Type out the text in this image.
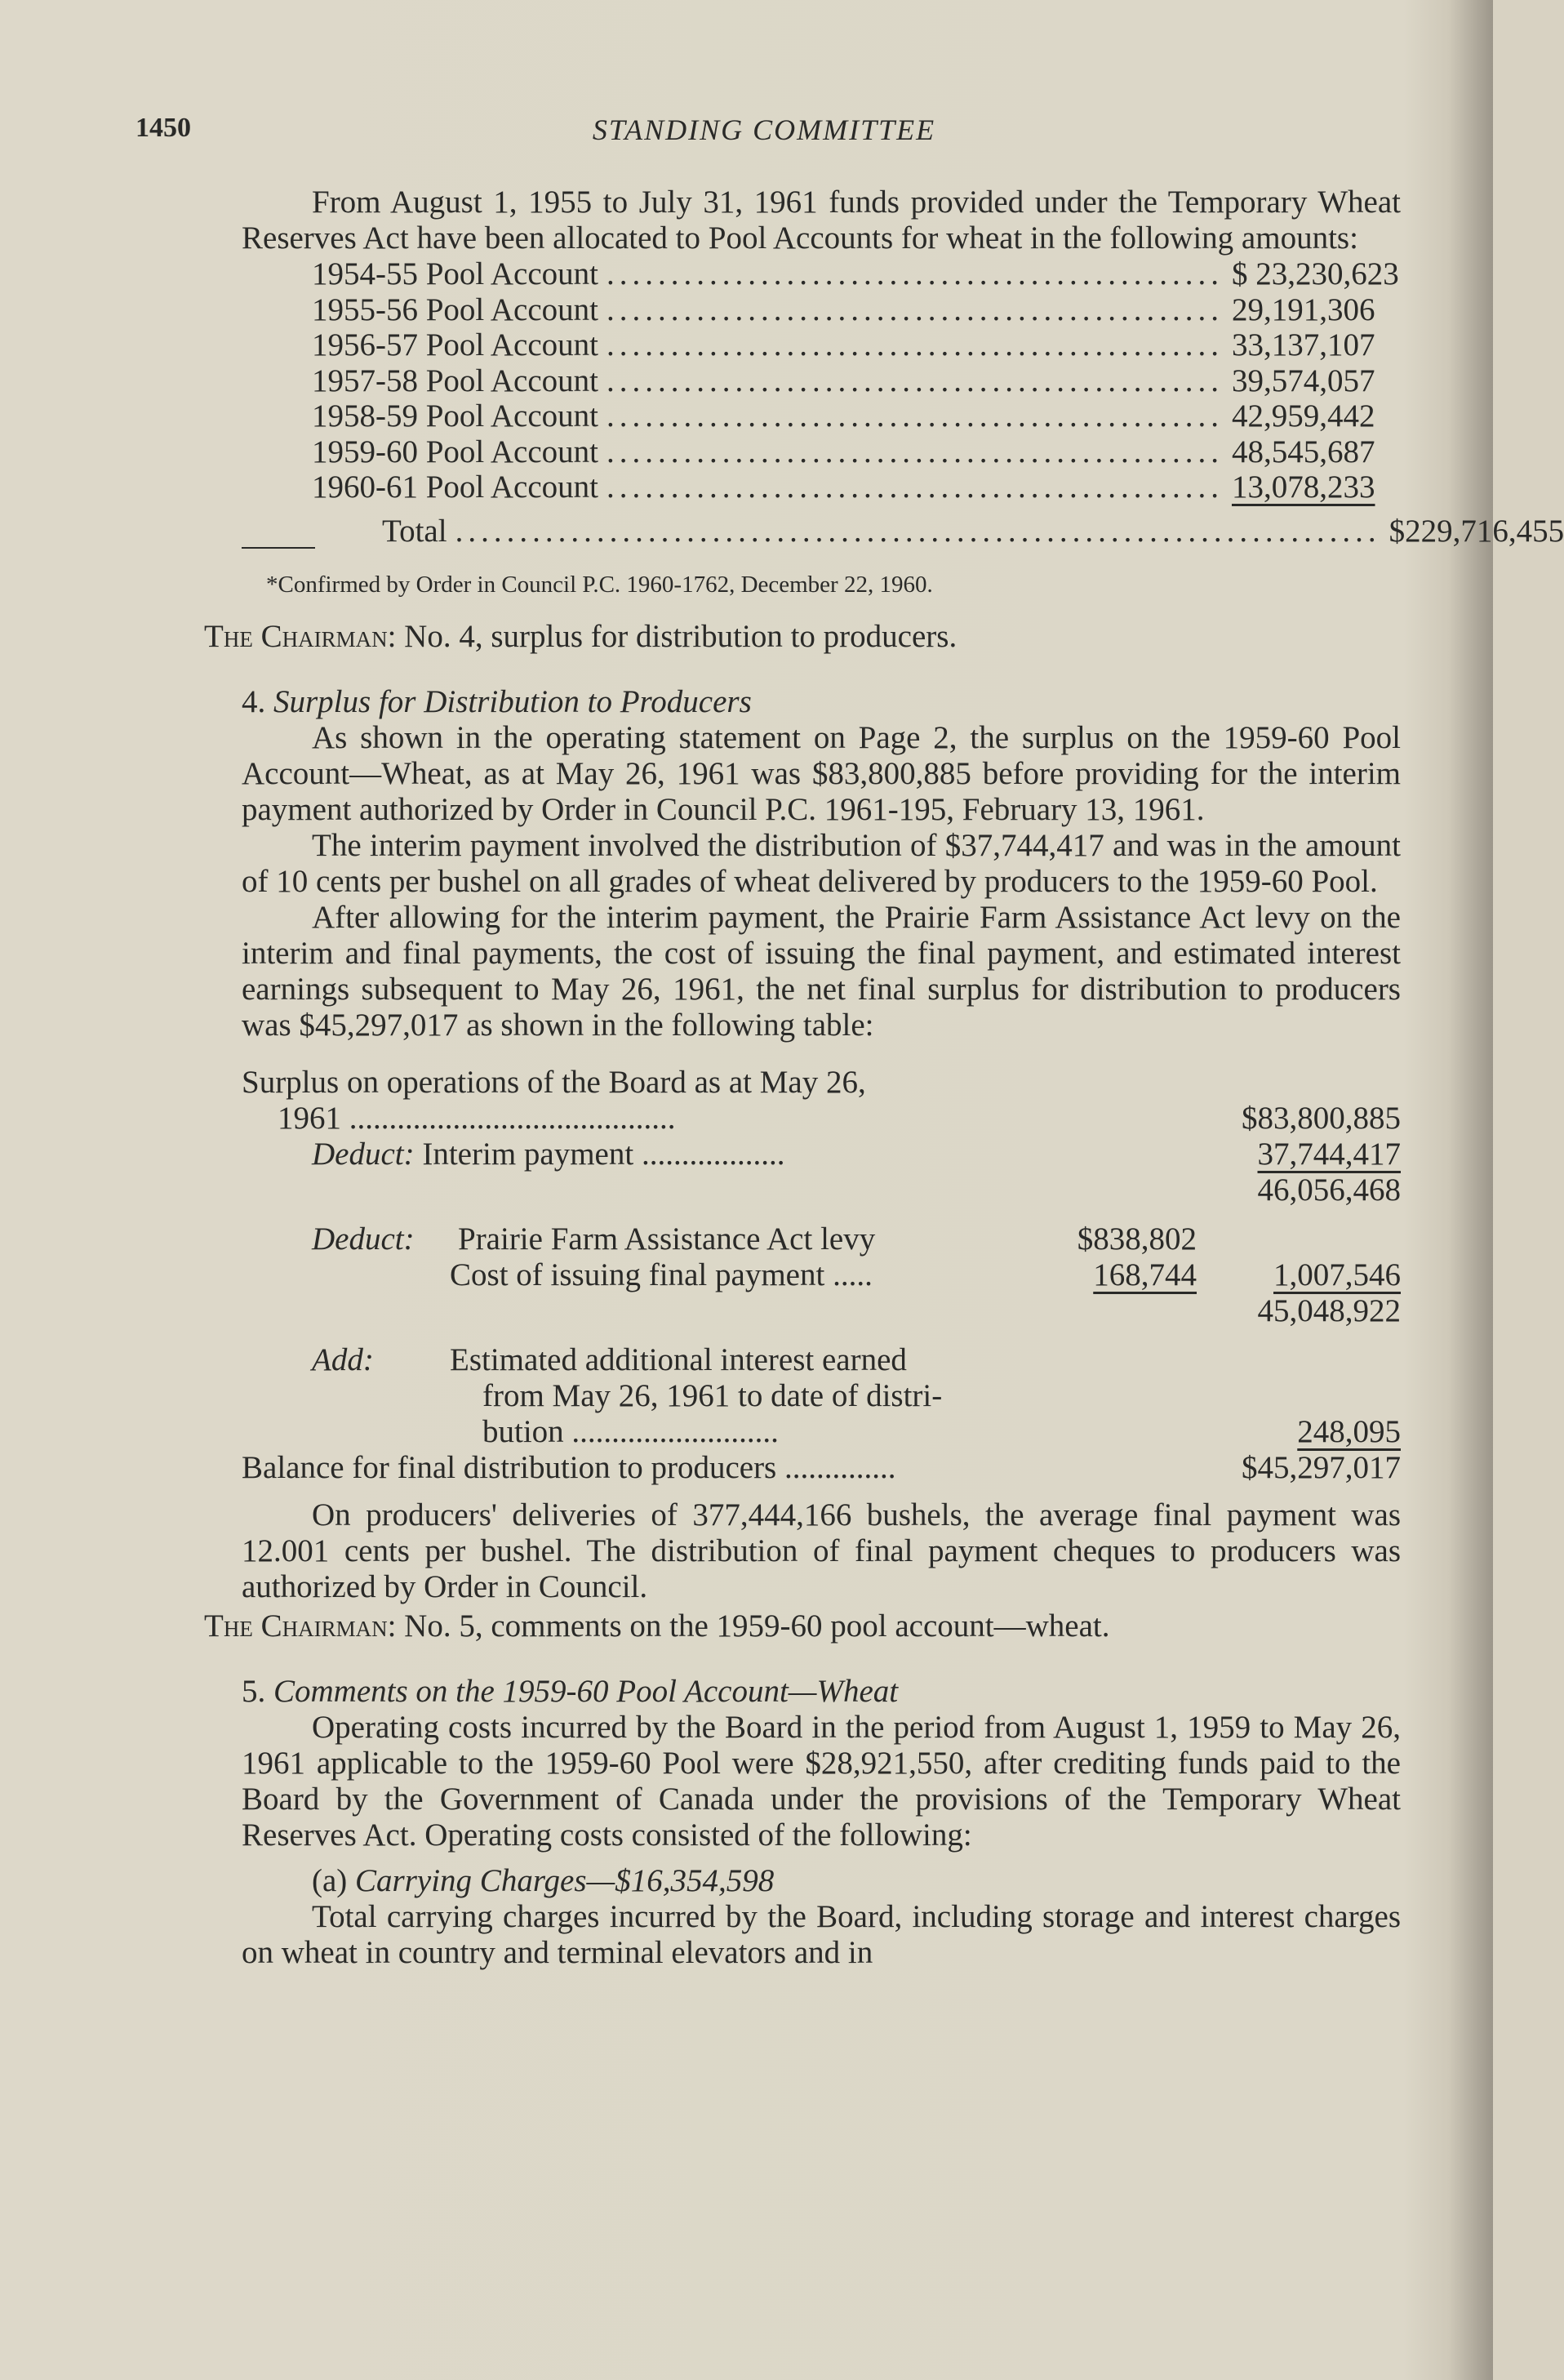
1450	STANDING COMMITTEE

From August 1, 1955 to July 31, 1961 funds provided under the Temporary Wheat Reserves Act have been allocated to Pool Accounts for wheat in the following amounts:

1954-55 Pool Account ................................................ $ 23,230,623
1955-56 Pool Account ................................................ 29,191,306
1956-57 Pool Account ................................................ 33,137,107
1957-58 Pool Account ................................................ 39,574,057
1958-59 Pool Account ................................................ 42,959,442
1959-60 Pool Account ................................................ 48,545,687
1960-61 Pool Account ................................................ 13,078,233
Total ........................................................................ $229,716,455
*Confirmed by Order in Council P.C. 1960-1762, December 22, 1960.

The Chairman: No. 4, surplus for distribution to producers.

4. Surplus for Distribution to Producers

As shown in the operating statement on Page 2, the surplus on the 1959-60 Pool Account—Wheat, as at May 26, 1961 was $83,800,885 before providing for the interim payment authorized by Order in Council P.C. 1961-195, February 13, 1961.

The interim payment involved the distribution of $37,744,417 and was in the amount of 10 cents per bushel on all grades of wheat delivered by producers to the 1959-60 Pool.

After allowing for the interim payment, the Prairie Farm Assistance Act levy on the interim and final payments, the cost of issuing the final payment, and estimated interest earnings subsequent to May 26, 1961, the net final surplus for distribution to producers was $45,297,017 as shown in the following table:

Surplus on operations of the Board as at May 26,
1961 .........................................	$83,800,885
Deduct: Interim payment ..................	37,744,417
46,056,468
Deduct: Prairie Farm Assistance Act levy	$838,802
Cost of issuing final payment .....	168,744 1,007,546
45,048,922
Add: Estimated additional interest earned
from May 26, 1961 to date of distri-
bution ..........................	248,095
Balance for final distribution to producers ..............	$45,297,017

On producers' deliveries of 377,444,166 bushels, the average final payment was 12.001 cents per bushel. The distribution of final payment cheques to producers was authorized by Order in Council.

The Chairman: No. 5, comments on the 1959-60 pool account—wheat.

5. Comments on the 1959-60 Pool Account—Wheat

Operating costs incurred by the Board in the period from August 1, 1959 to May 26, 1961 applicable to the 1959-60 Pool were $28,921,550, after crediting funds paid to the Board by the Government of Canada under the provisions of the Temporary Wheat Reserves Act. Operating costs consisted of the following:

(a) Carrying Charges—$16,354,598

Total carrying charges incurred by the Board, including storage and interest charges on wheat in country and terminal elevators and in
